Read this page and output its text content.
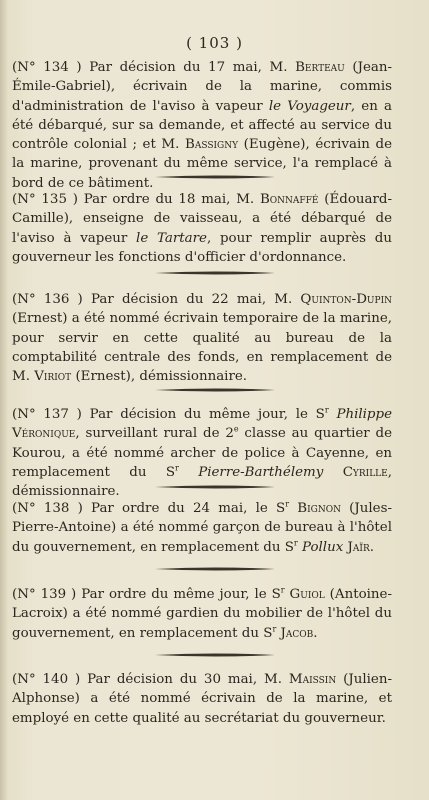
( 103 )

(N° 134 ) Par décision du 17 mai, M. Berteau (Jean-Émile-Gabriel), écrivain de la marine, commis d'administration de l'aviso à vapeur le Voyageur, en a été débarqué, sur sa demande, et affecté au service du contrôle colonial ; et M. Bassigny (Eugène), écrivain de la marine, provenant du même service, l'a remplacé à bord de ce bâtiment.

(N° 135 ) Par ordre du 18 mai, M. Bonnaffé (Édouard-Camille), enseigne de vaisseau, a été débarqué de l'aviso à vapeur le Tartare, pour remplir auprès du gouverneur les fonctions d'officier d'ordonnance.

(N° 136 ) Par décision du 22 mai, M. Quinton-Dupin (Ernest) a été nommé écrivain temporaire de la marine, pour servir en cette qualité au bureau de la comptabilité centrale des fonds, en remplacement de M. Viriot (Ernest), démissionnaire.

(N° 137 ) Par décision du même jour, le $S^r$ Philippe Véronique, surveillant rural de 2e classe au quartier de Kourou, a été nommé archer de police à Cayenne, en remplacement du $S^r$ Pierre-Barthélemy Cyrille, démissionnaire.

(N° 138 ) Par ordre du 24 mai, le $S^r$ Bignon (Jules-Pierre-Antoine) a été nommé garçon de bureau à l'hôtel du gouvernement, en remplacement du $S^r$ Pollux Jaïr.

(N° 139 ) Par ordre du même jour, le $S^r$ Guiol (Antoine-Lacroix) a été nommé gardien du mobilier de l'hôtel du gouvernement, en remplacement du $S^r$ Jacob.

(N° 140 ) Par décision du 30 mai, M. Maissin (Julien-Alphonse) a été nommé écrivain de la marine, et employé en cette qualité au secrétariat du gouverneur.
